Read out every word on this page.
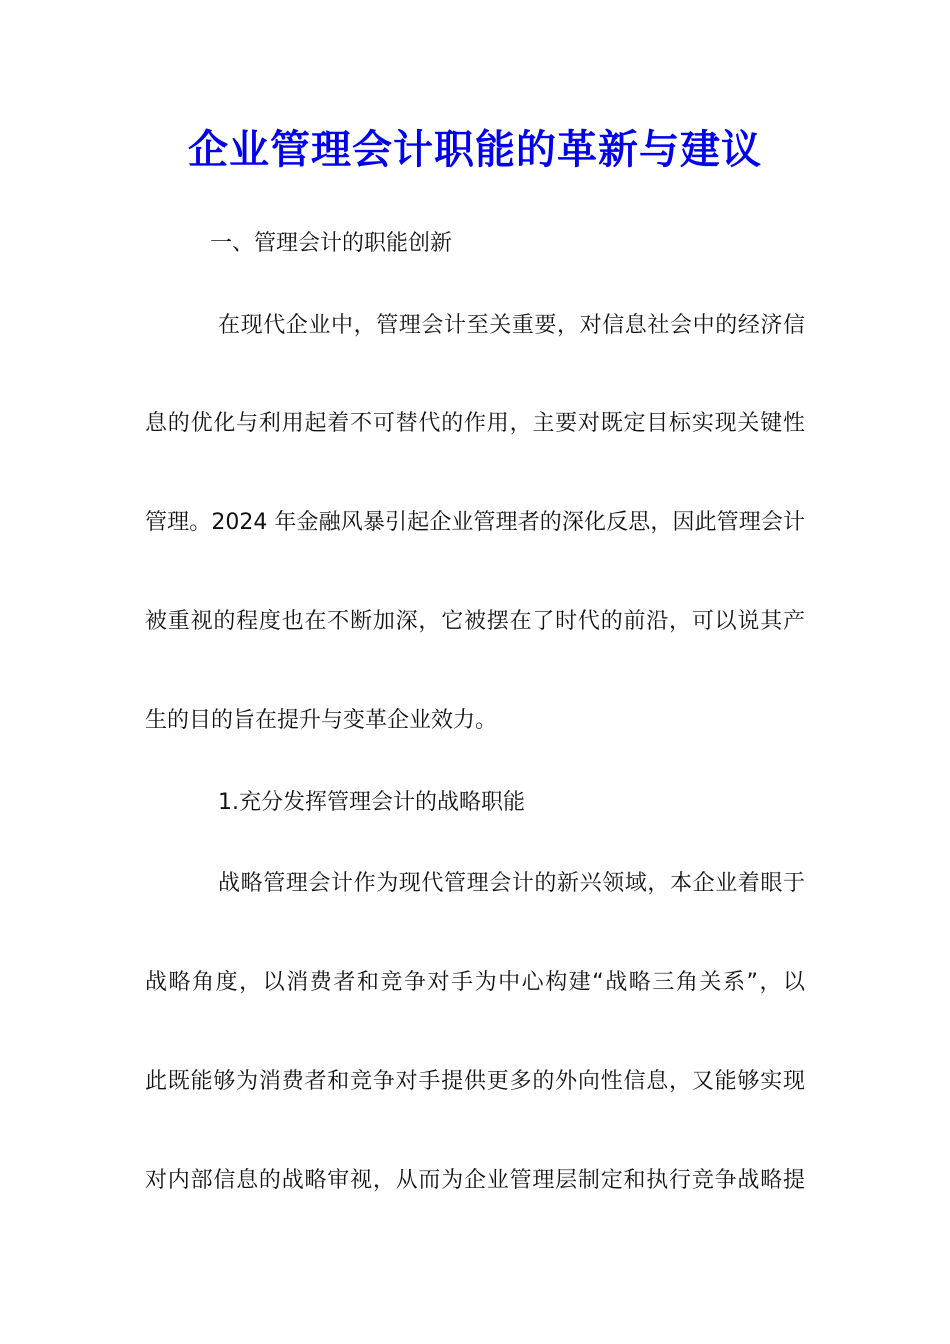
企业管理会计职能的革新与建议
一、管理会计的职能创新
在现代企业中，管理会计至关重要，对信息社会中的经济信
息的优化与利用起着不可替代的作用，主要对既定目标实现关键性
管理。2024 年金融风暴引起企业管理者的深化反思，因此管理会计
被重视的程度也在不断加深，它被摆在了时代的前沿，可以说其产
生的目的旨在提升与变革企业效力。
1.充分发挥管理会计的战略职能
战略管理会计作为现代管理会计的新兴领域，本企业着眼于
战略角度，以消费者和竞争对手为中心构建“战略三角关系”，以
此既能够为消费者和竞争对手提供更多的外向性信息，又能够实现
对内部信息的战略审视，从而为企业管理层制定和执行竞争战略提
